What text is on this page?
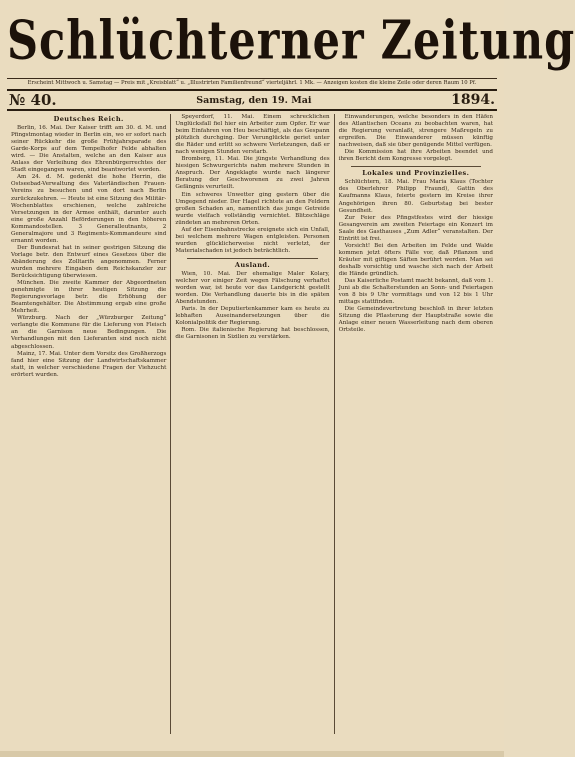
Schlüchterner Zeitung
Erscheint Mittwoch u. Samstag — Preis mit „Kreisblatt“ u. „Illustrirten Familienfreund“ vierteljährl. 1 Mk. — Anzeigen kosten die kleine Zeile oder deren Raum 10 Pf.
№ 40.	Samstag, den 19. Mai	1894.
Deutsches Reich.

Berlin, 16. Mai. Der Kaiser trifft am 30. d. M. und Pfingstmontag wieder in Berlin ein, wo er sofort nach seiner Rückkehr die große Frühjahrsparade des Garde-Korps auf dem Tempelhofer Felde abhalten wird. — Die Anstalten, welche an den Kaiser aus Anlass der Verleihung des Ehrenbürgerrechtes der Stadt eingegangen waren, sind beantwortet worden.

Am 24. d. M. gedenkt die hohe Herrin, die Ostseebad-Verwaltung des Vaterländischen Frauen-Vereins zu besuchen und von dort nach Berlin zurückzukehren. — Heute ist eine Sitzung des Militär-Wochenblattes erschienen, welche zahlreiche Versetzungen in der Armee enthält, darunter auch eine große Anzahl Beförderungen in den höheren Kommandostellen. 3 Generalleutnants, 2 Generalmajore und 3 Regiments-Kommandeure sind ernannt worden.

Der Bundesrat hat in seiner gestrigen Sitzung die Vorlage betr. den Entwurf eines Gesetzes über die Abänderung des Zolltarifs angenommen. Ferner wurden mehrere Eingaben dem Reichskanzler zur Berücksichtigung überwiesen.

München. Die zweite Kammer der Abgeordneten genehmigte in ihrer heutigen Sitzung die Regierungsvorlage betr. die Erhöhung der Beamtengehälter. Die Abstimmung ergab eine große Mehrheit.

Würzburg. Nach der „Würzburger Zeitung“ verlangte die Kommune für die Lieferung von Fleisch an die Garnison neue Bedingungen. Die Verhandlungen mit den Lieferanten sind noch nicht abgeschlossen.

Mainz, 17. Mai. Unter dem Vorsitz des Großherzogs fand hier eine Sitzung der Landwirtschaftskammer statt, in welcher verschiedene Fragen der Viehzucht erörtert wurden.

Speyerdorf, 11. Mai. Einem schrecklichen Unglücksfall fiel hier ein Arbeiter zum Opfer. Er war beim Einfahren von Heu beschäftigt, als das Gespann plötzlich durchging. Der Verunglückte geriet unter die Räder und erlitt so schwere Verletzungen, daß er nach wenigen Stunden verstarb.

Bromberg, 11. Mai. Die jüngste Verhandlung des hiesigen Schwurgerichts nahm mehrere Stunden in Anspruch. Der Angeklagte wurde nach längerer Beratung der Geschworenen zu zwei Jahren Gefängnis verurteilt.

Ein schweres Unwetter ging gestern über die Umgegend nieder. Der Hagel richtete an den Feldern großen Schaden an, namentlich das junge Getreide wurde vielfach vollständig vernichtet. Blitzschläge zündeten an mehreren Orten.

Auf der Eisenbahnstrecke ereignete sich ein Unfall, bei welchem mehrere Wagen entgleisten. Personen wurden glücklicherweise nicht verletzt, der Materialschaden ist jedoch beträchtlich.

Ausland.

Wien, 10. Mai. Der ehemalige Maler Kolary, welcher vor einiger Zeit wegen Fälschung verhaftet worden war, ist heute vor das Landgericht gestellt worden. Die Verhandlung dauerte bis in die späten Abendstunden.

Paris. In der Deputiertenkammer kam es heute zu lebhaften Auseinandersetzungen über die Kolonialpolitik der Regierung.

Rom. Die italienische Regierung hat beschlossen, die Garnisonen in Sizilien zu verstärken.

Einwanderungen, welche besonders in den Häfen des Atlantischen Oceans zu beobachten waren, hat die Regierung veranlaßt, strengere Maßregeln zu ergreifen. Die Einwanderer müssen künftig nachweisen, daß sie über genügende Mittel verfügen.

Die Kommission hat ihre Arbeiten beendet und ihren Bericht dem Kongresse vorgelegt.

Lokales und Provinzielles.

Schlüchtern, 18. Mai. Frau Maria Klaus (Tochter des Oberlehrer Philipp Fraund), Gattin des Kaufmanns Klaus, feierte gestern im Kreise ihrer Angehörigen ihren 80. Geburtstag bei bester Gesundheit.

Zur Feier des Pfingstfestes wird der hiesige Gesangverein am zweiten Feiertage ein Konzert im Saale des Gasthauses „Zum Adler“ veranstalten. Der Eintritt ist frei.

Vorsicht! Bei den Arbeiten im Felde und Walde kommen jetzt öfters Fälle vor, daß Pflanzen und Kräuter mit giftigen Säften berührt werden. Man sei deshalb vorsichtig und wasche sich nach der Arbeit die Hände gründlich.

Das Kaiserliche Postamt macht bekannt, daß vom 1. Juni ab die Schalterstunden an Sonn- und Feiertagen von 8 bis 9 Uhr vormittags und von 12 bis 1 Uhr mittags stattfinden.

Die Gemeindevertretung beschloß in ihrer letzten Sitzung die Pflasterung der Hauptstraße sowie die Anlage einer neuen Wasserleitung nach dem oberen Ortsteile.
